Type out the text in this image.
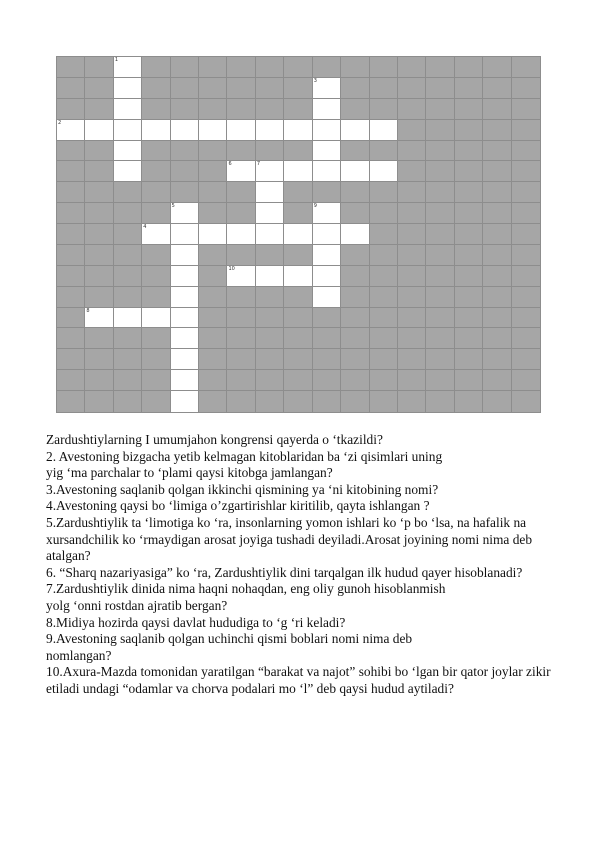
1
3
2
6	7
5	9
4
10
8

Zardushtiylarning I umumjahon kongrensi qayerda o ‘tkazildi?

2. Avestoning bizgacha yetib kelmagan kitoblaridan ba ‘zi qisimlari uning
yig ‘ma parchalar to ‘plami qaysi kitobga jamlangan?

3.Avestoning saqlanib qolgan ikkinchi qismining ya ‘ni kitobining nomi?

4.Avestoning qaysi bo ‘limiga o’zgartirishlar kiritilib, qayta ishlangan ?

5.Zardushtiylik ta ‘limotiga ko ‘ra, insonlarning yomon ishlari ko ‘p bo ‘lsa, na hafalik na xursandchilik ko ‘rmaydigan arosat joyiga tushadi deyiladi.Arosat joyining nomi nima deb atalgan?

6. “Sharq nazariyasiga” ko ‘ra, Zardushtiylik dini tarqalgan ilk hudud qayer hisoblanadi?

7.Zardushtiylik dinida nima haqni nohaqdan, eng oliy gunoh hisoblanmish
yolg ‘onni rostdan ajratib bergan?

8.Midiya hozirda qaysi davlat hududiga to ‘g ‘ri keladi?

9.Avestoning saqlanib qolgan uchinchi qismi boblari nomi nima deb
nomlangan?

10.Axura-Mazda tomonidan yaratilgan “barakat va najot” sohibi bo ‘lgan bir qator joylar zikir etiladi undagi “odamlar va chorva podalari mo ‘l” deb qaysi hudud aytiladi?
